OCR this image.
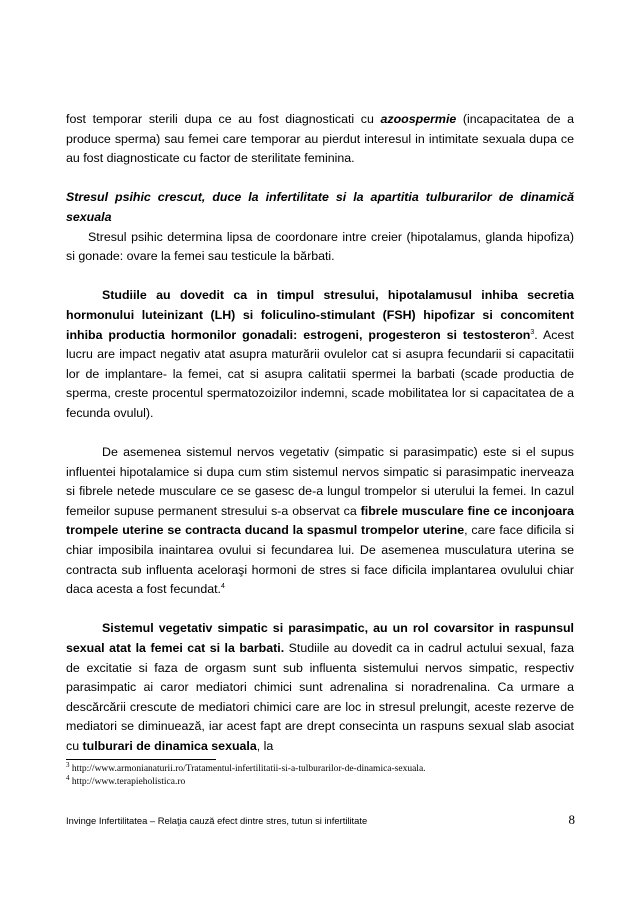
fost temporar sterili dupa ce au fost diagnosticati cu azoospermie (incapacitatea de a produce sperma) sau femei care temporar au pierdut interesul in intimitate sexuala dupa ce au fost diagnosticate cu factor de sterilitate feminina.

Stresul psihic crescut, duce la infertilitate si la apartitia tulburarilor de dinamică sexuala

Stresul psihic determina lipsa de coordonare intre creier (hipotalamus, glanda hipofiza) si gonade: ovare la femei sau testicule la bărbati.

Studiile au dovedit ca in timpul stresului, hipotalamusul inhiba secretia hormonului luteinizant (LH) si foliculino-stimulant (FSH) hipofizar si concomitent inhiba productia hormonilor gonadali: estrogeni, progesteron si testosteron$^3$. Acest lucru are impact negativ atat asupra maturării ovulelor cat si asupra fecundarii si capacitatii lor de implantare- la femei, cat si asupra calitatii spermei la barbati (scade productia de sperma, creste procentul spermatozoizilor indemni, scade mobilitatea lor si capacitatea de a fecunda ovulul).

De asemenea sistemul nervos vegetativ (simpatic si parasimpatic) este si el supus influentei hipotalamice si dupa cum stim sistemul nervos simpatic si parasimpatic inerveaza si fibrele netede musculare ce se gasesc de-a lungul trompelor si uterului la femei. In cazul femeilor supuse permanent stresului s-a observat ca fibrele musculare fine ce inconjoara trompele uterine se contracta ducand la spasmul trompelor uterine, care face dificila si chiar imposibila inaintarea ovului si fecundarea lui. De asemenea musculatura uterina se contracta sub influenta aceloraşi hormoni de stres si face dificila implantarea ovulului chiar daca acesta a fost fecundat.$^4$

Sistemul vegetativ simpatic si parasimpatic, au un rol covarsitor in raspunsul sexual atat la femei cat si la barbati. Studiile au dovedit ca in cadrul actului sexual, faza de excitatie si faza de orgasm sunt sub influenta sistemului nervos simpatic, respectiv parasimpatic ai caror mediatori chimici sunt adrenalina si noradrenalina. Ca urmare a descărcării crescute de mediatori chimici care are loc in stresul prelungit, aceste rezerve de mediatori se diminuează, iar acest fapt are drept consecinta un raspuns sexual slab asociat cu tulburari de dinamica sexuala, la

$^3$ http://www.armonianaturii.ro/Tratamentul-infertilitatii-si-a-tulburarilor-de-dinamica-sexuala.

$^4$ http://www.terapieholistica.ro

Invinge Infertilitatea – Relaţia cauză efect dintre stres, tutun si infertilitate	8
